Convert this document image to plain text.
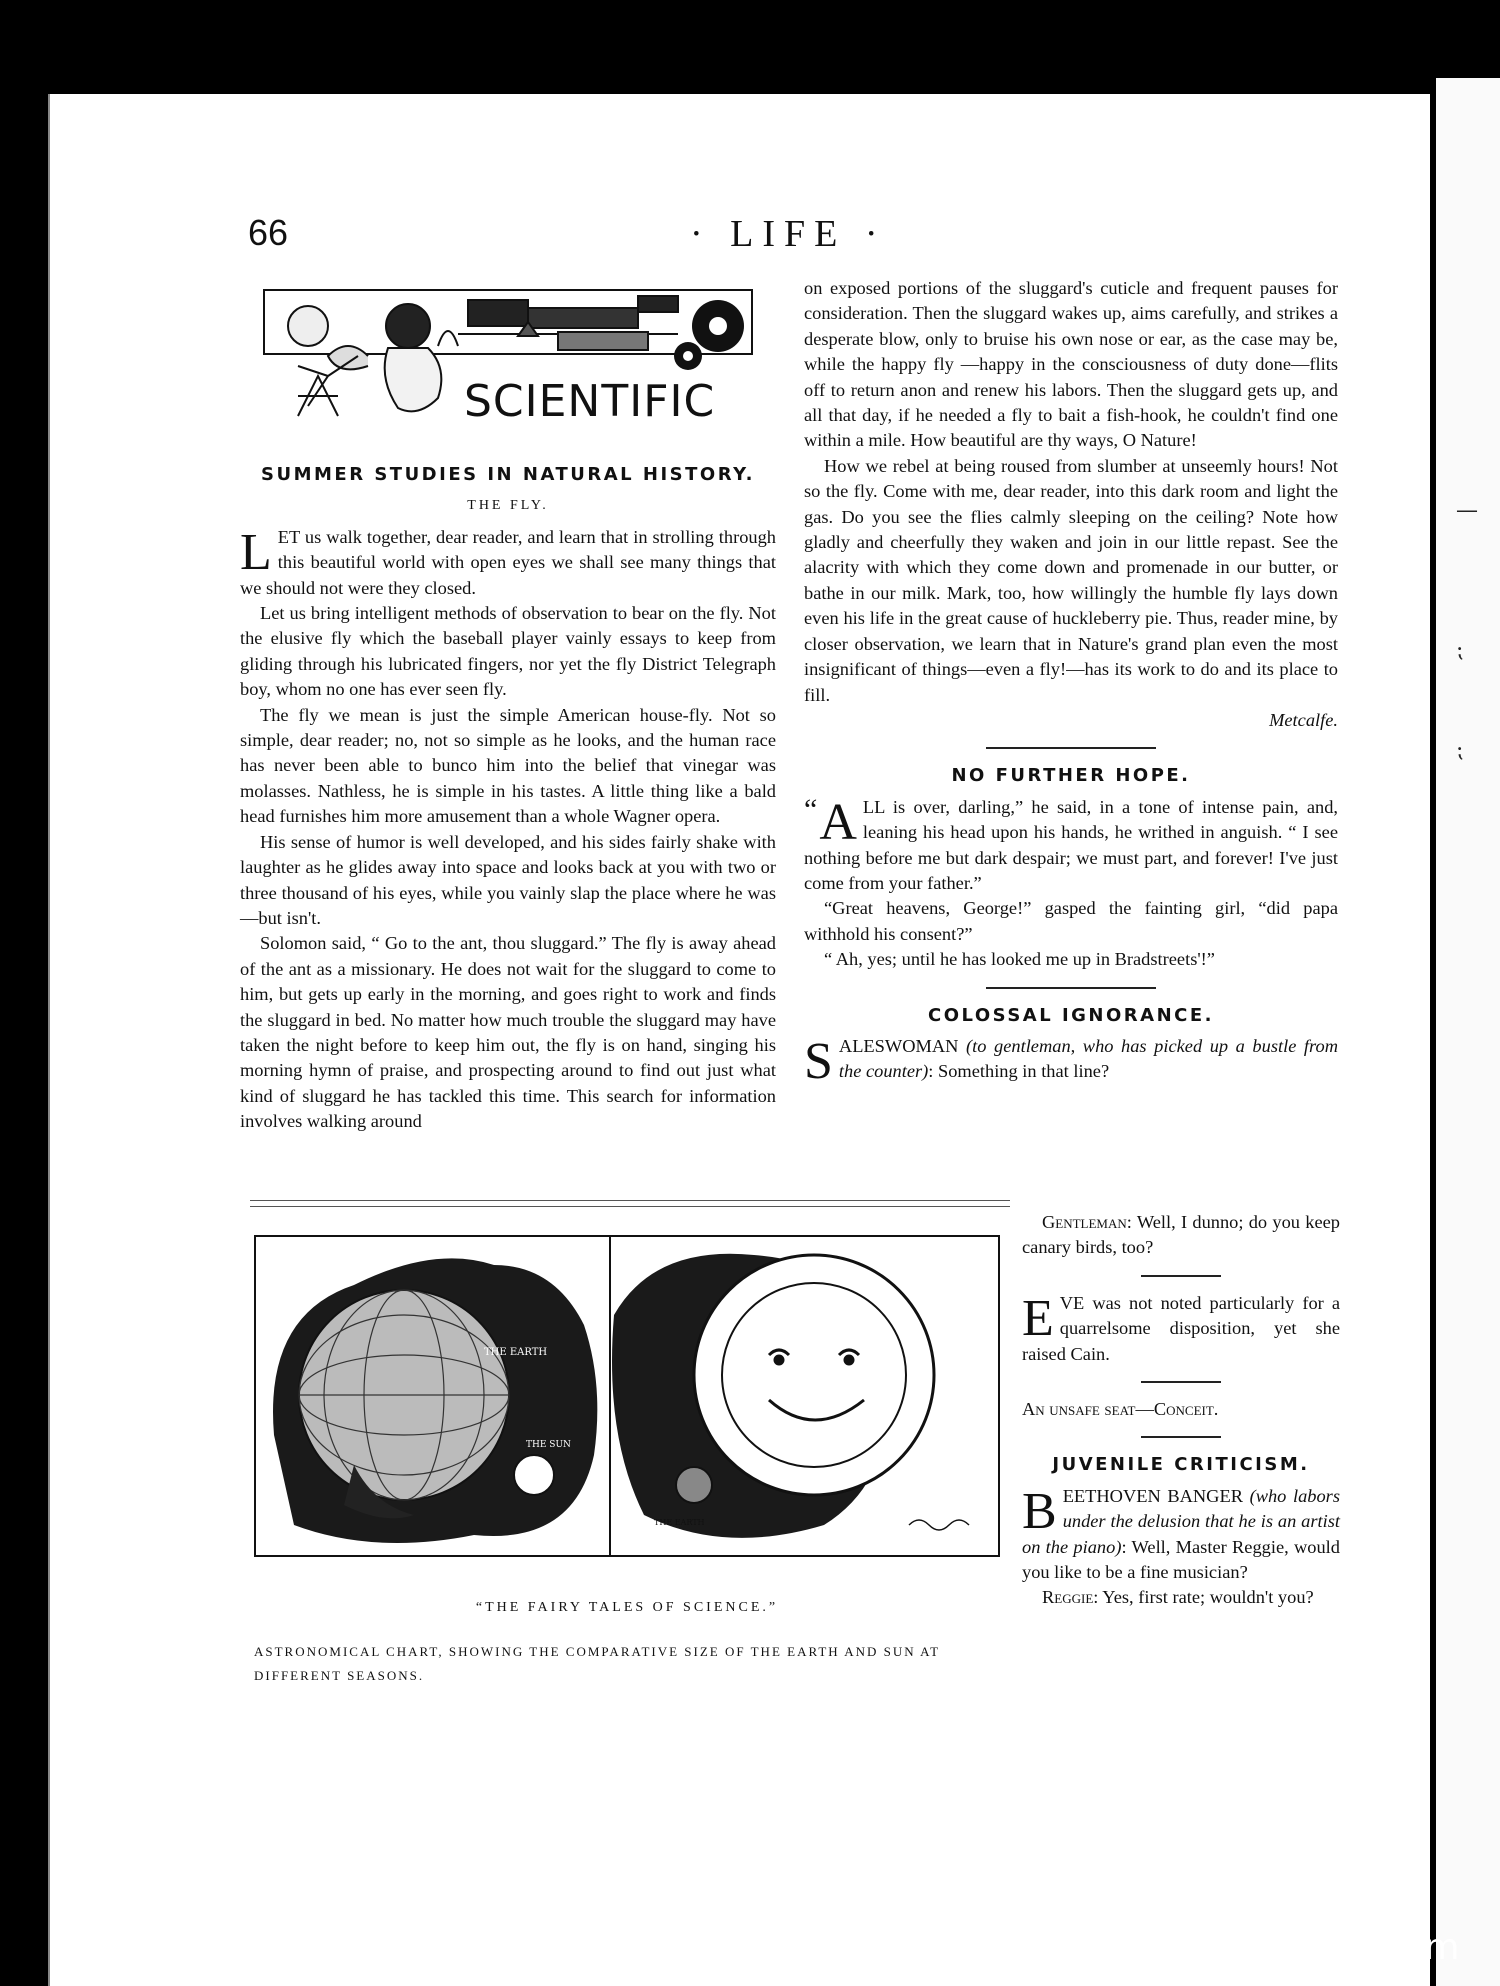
—
⁏
⁏
66	· LIFE ·
SCIENTIFIC
SUMMER STUDIES IN NATURAL HISTORY.
THE FLY.

LET us walk together, dear reader, and learn that in strolling through this beautiful world with open eyes we shall see many things that we should not were they closed.

Let us bring intelligent methods of observation to bear on the fly. Not the elusive fly which the baseball player vainly essays to keep from gliding through his lubricated fingers, nor yet the fly District Telegraph boy, whom no one has ever seen fly.

The fly we mean is just the simple American house-fly. Not so simple, dear reader; no, not so simple as he looks, and the human race has never been able to bunco him into the belief that vinegar was molasses. Nathless, he is simple in his tastes. A little thing like a bald head furnishes him more amusement than a whole Wagner opera.

His sense of humor is well developed, and his sides fairly shake with laughter as he glides away into space and looks back at you with two or three thousand of his eyes, while you vainly slap the place where he was—but isn't.

Solomon said, “ Go to the ant, thou sluggard.” The fly is away ahead of the ant as a missionary. He does not wait for the sluggard to come to him, but gets up early in the morning, and goes right to work and finds the sluggard in bed. No matter how much trouble the sluggard may have taken the night before to keep him out, the fly is on hand, singing his morning hymn of praise, and prospecting around to find out just what kind of sluggard he has tackled this time. This search for information involves walking around

on exposed portions of the sluggard's cuticle and frequent pauses for consideration. Then the sluggard wakes up, aims carefully, and strikes a desperate blow, only to bruise his own nose or ear, as the case may be, while the happy fly —happy in the consciousness of duty done—flits off to return anon and renew his labors. Then the sluggard gets up, and all that day, if he needed a fly to bait a fish-hook, he couldn't find one within a mile. How beautiful are thy ways, O Nature!

How we rebel at being roused from slumber at unseemly hours! Not so the fly. Come with me, dear reader, into this dark room and light the gas. Do you see the flies calmly sleeping on the ceiling? Note how gladly and cheerfully they waken and join in our little repast. See the alacrity with which they come down and promenade in our butter, or bathe in our milk. Mark, too, how willingly the humble fly lays down even his life in the great cause of huckleberry pie. Thus, reader mine, by closer observation, we learn that in Nature's grand plan even the most insignificant of things—even a fly!—has its work to do and its place to fill.

Metcalfe.

NO FURTHER HOPE.

“ A LL is over, darling,” he said, in a tone of intense pain, and, leaning his head upon his hands, he writhed in anguish. “ I see nothing before me but dark despair; we must part, and forever! I've just come from your father.”

“Great heavens, George!” gasped the fainting girl, “did papa withhold his consent?”

“ Ah, yes; until he has looked me up in Bradstreets'!”

COLOSSAL IGNORANCE.

SALESWOMAN (to gentleman, who has picked up a bustle from the counter): Something in that line?

Gentleman: Well, I dunno; do you keep canary birds, too?

EVE was not noted particularly for a quarrelsome disposition, yet she raised Cain.

An unsafe seat—Conceit.

JUVENILE CRITICISM.

BEETHOVEN BANGER (who labors under the delusion that he is an artist on the piano): Well, Master Reggie, would you like to be a fine musician?

Reggie: Yes, first rate; wouldn't you?

THE EARTH
THE SUN
THE SUN
THE EARTH
“THE FAIRY TALES OF SCIENCE.”
ASTRONOMICAL CHART, SHOWING THE COMPARATIVE SIZE OF THE EARTH AND SUN AT DIFFERENT SEASONS.
comicbooks.com
